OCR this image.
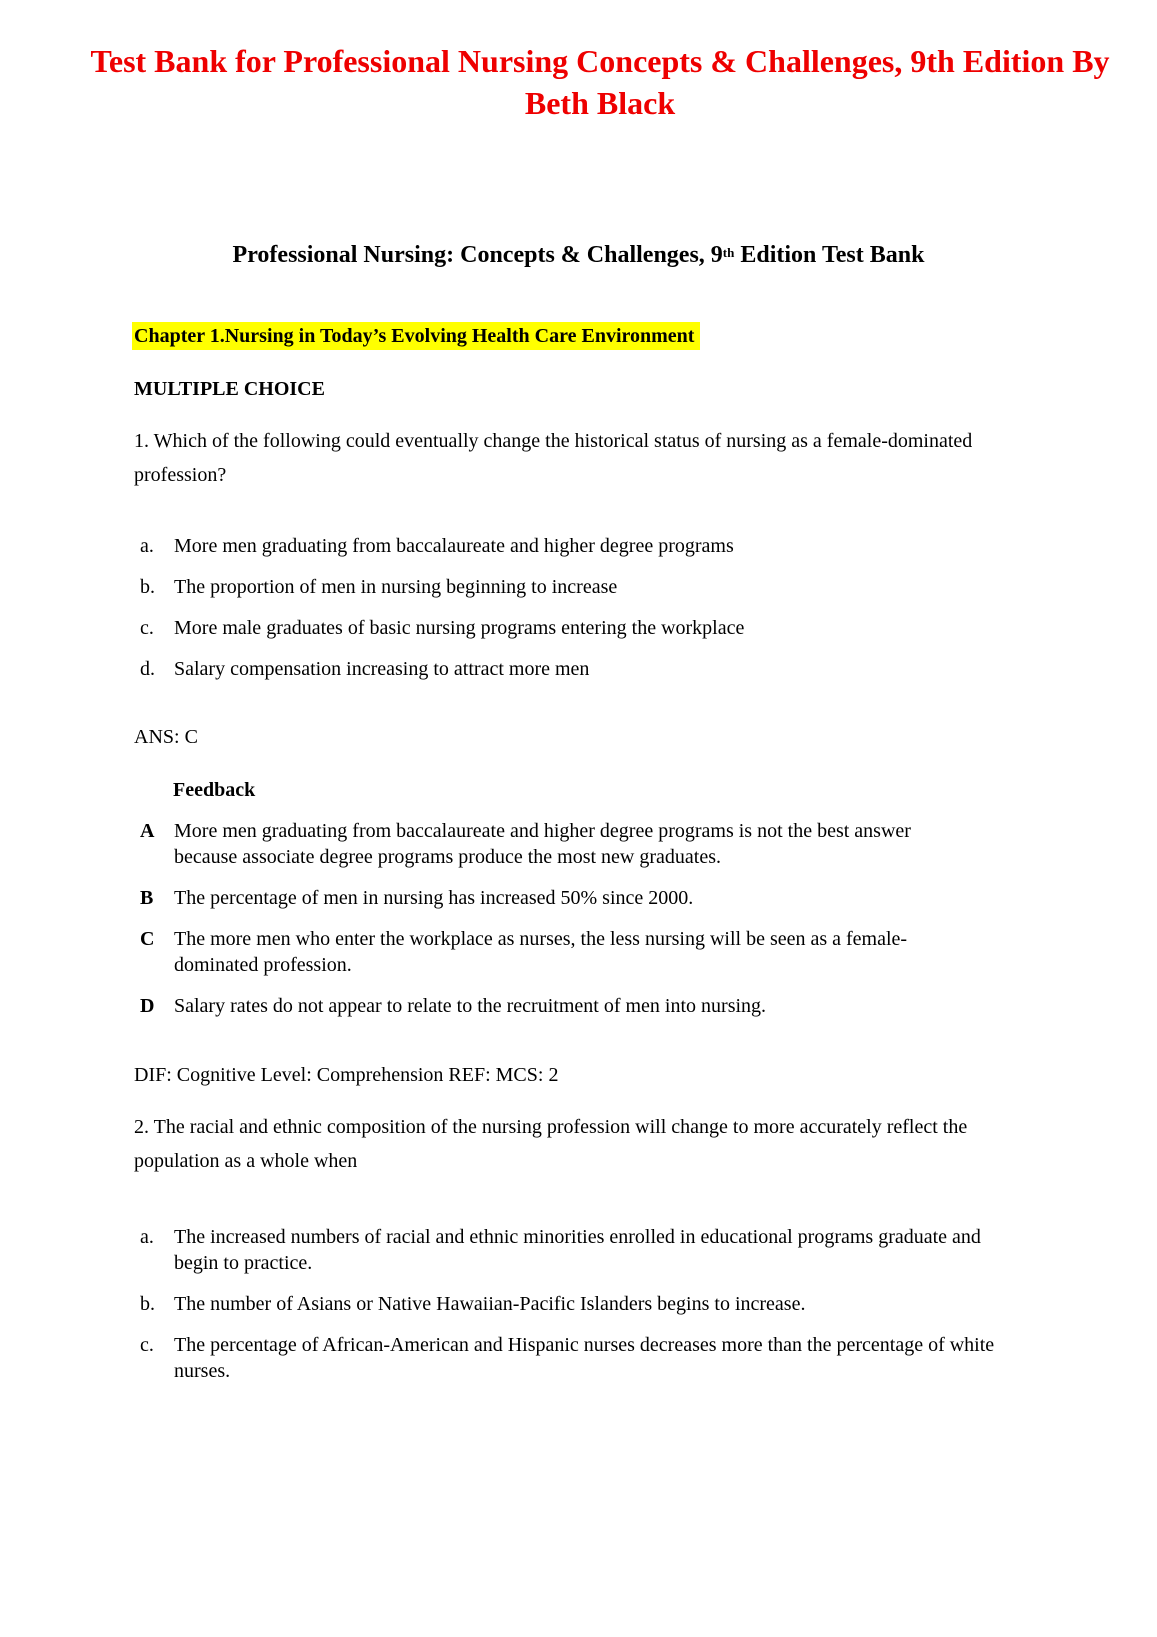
Test Bank for Professional Nursing Concepts & Challenges, 9th Edition By Beth Black
Professional Nursing: Concepts & Challenges, 9th Edition Test Bank
Chapter 1.Nursing in Today’s Evolving Health Care Environment
MULTIPLE CHOICE
1. Which of the following could eventually change the historical status of nursing as a female-dominated profession?
a.	More men graduating from baccalaureate and higher degree programs
b. The proportion of men in nursing beginning to increase
c.	More male graduates of basic nursing programs entering the workplace
d. Salary compensation increasing to attract more men
ANS: C
Feedback
A More men graduating from baccalaureate and higher degree programs is not the best answer because associate degree programs produce the most new graduates.
B	The percentage of men in nursing has increased 50% since 2000.
C The more men who enter the workplace as nurses, the less nursing will be seen as a female-dominated profession.
D Salary rates do not appear to relate to the recruitment of men into nursing.
DIF: Cognitive Level: Comprehension REF: MCS: 2
2. The racial and ethnic composition of the nursing profession will change to more accurately reflect the population as a whole when
a.	The increased numbers of racial and ethnic minorities enrolled in educational programs graduate and begin to practice.
b. The number of Asians or Native Hawaiian-Pacific Islanders begins to increase.
c.	The percentage of African-American and Hispanic nurses decreases more than the percentage of white nurses.
